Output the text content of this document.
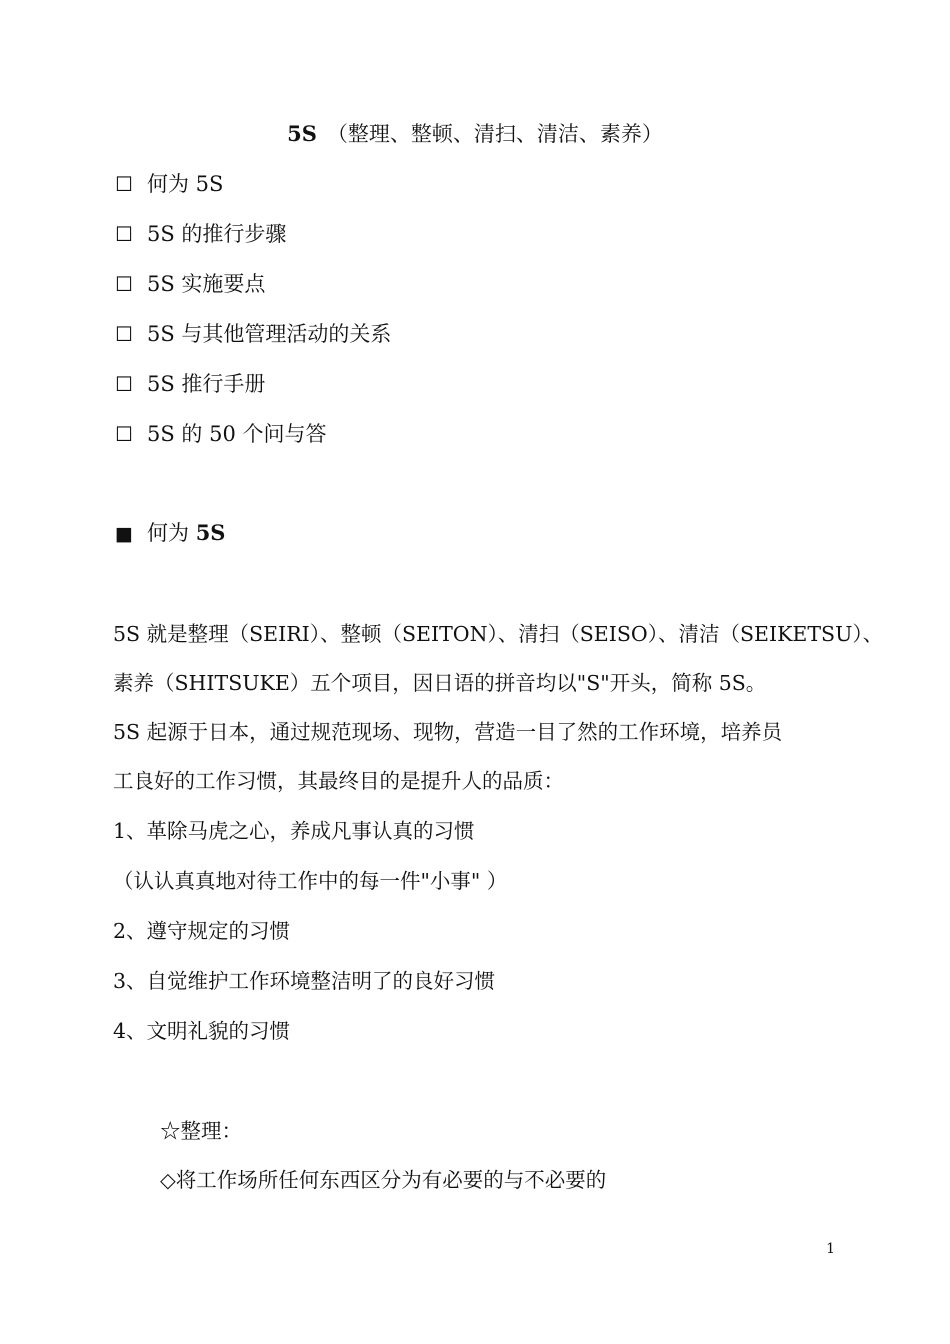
5S （整理、整顿、清扫、清洁、素养）
☐ 何为 5S
☐ 5S 的推行步骤
☐ 5S 实施要点
☐ 5S 与其他管理活动的关系
☐ 5S 推行手册
☐ 5S 的 50 个问与答
■ 何为 5S
5S 就是整理（SEIRI）、整顿（SEITON）、清扫（SEISO）、清洁（SEIKETSU）、
素养（SHITSUKE）五个项目，因日语的拼音均以"S"开头，简称 5S。
5S 起源于日本，通过规范现场、现物，营造一目了然的工作环境，培养员
工良好的工作习惯，其最终目的是提升人的品质：
1、革除马虎之心，养成凡事认真的习惯
（认认真真地对待工作中的每一件"小事" ）
2、遵守规定的习惯
3、自觉维护工作环境整洁明了的良好习惯
4、文明礼貌的习惯
☆整理：
◇将工作场所任何东西区分为有必要的与不必要的
1
